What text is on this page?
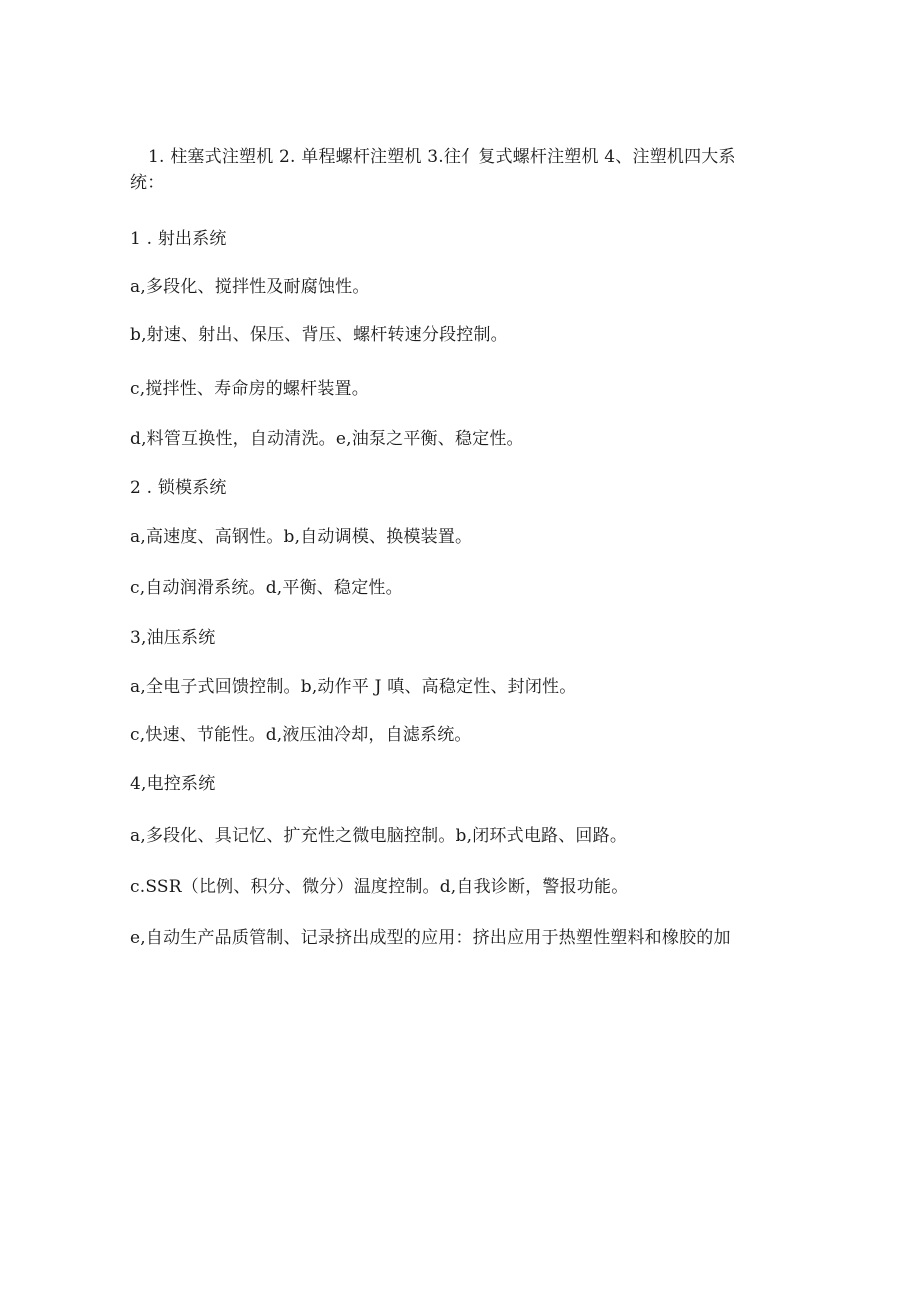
1. 柱塞式注塑机 2. 单程螺杆注塑机 3.往亻复式螺杆注塑机 4、注塑机四大系
统：
1 . 射出系统
a,多段化、搅拌性及耐腐蚀性。
b,射速、射出、保压、背压、螺杆转速分段控制。
c,搅拌性、寿命房的螺杆装置。
d,料管互换性，自动清洗。e,油泵之平衡、稳定性。
2 . 锁模系统
a,高速度、高钢性。b,自动调模、换模装置。
c,自动润滑系统。d,平衡、稳定性。
3,油压系统
a,全电子式回馈控制。b,动作平 J 嗔、高稳定性、封闭性。
c,快速、节能性。d,液压油冷却，自滤系统。
4,电控系统
a,多段化、具记忆、扩充性之微电脑控制。b,闭环式电路、回路。
c.SSR（比例、积分、微分）温度控制。d,自我诊断，警报功能。
e,自动生产品质管制、记录挤出成型的应用：挤出应用于热塑性塑料和橡胶的加
